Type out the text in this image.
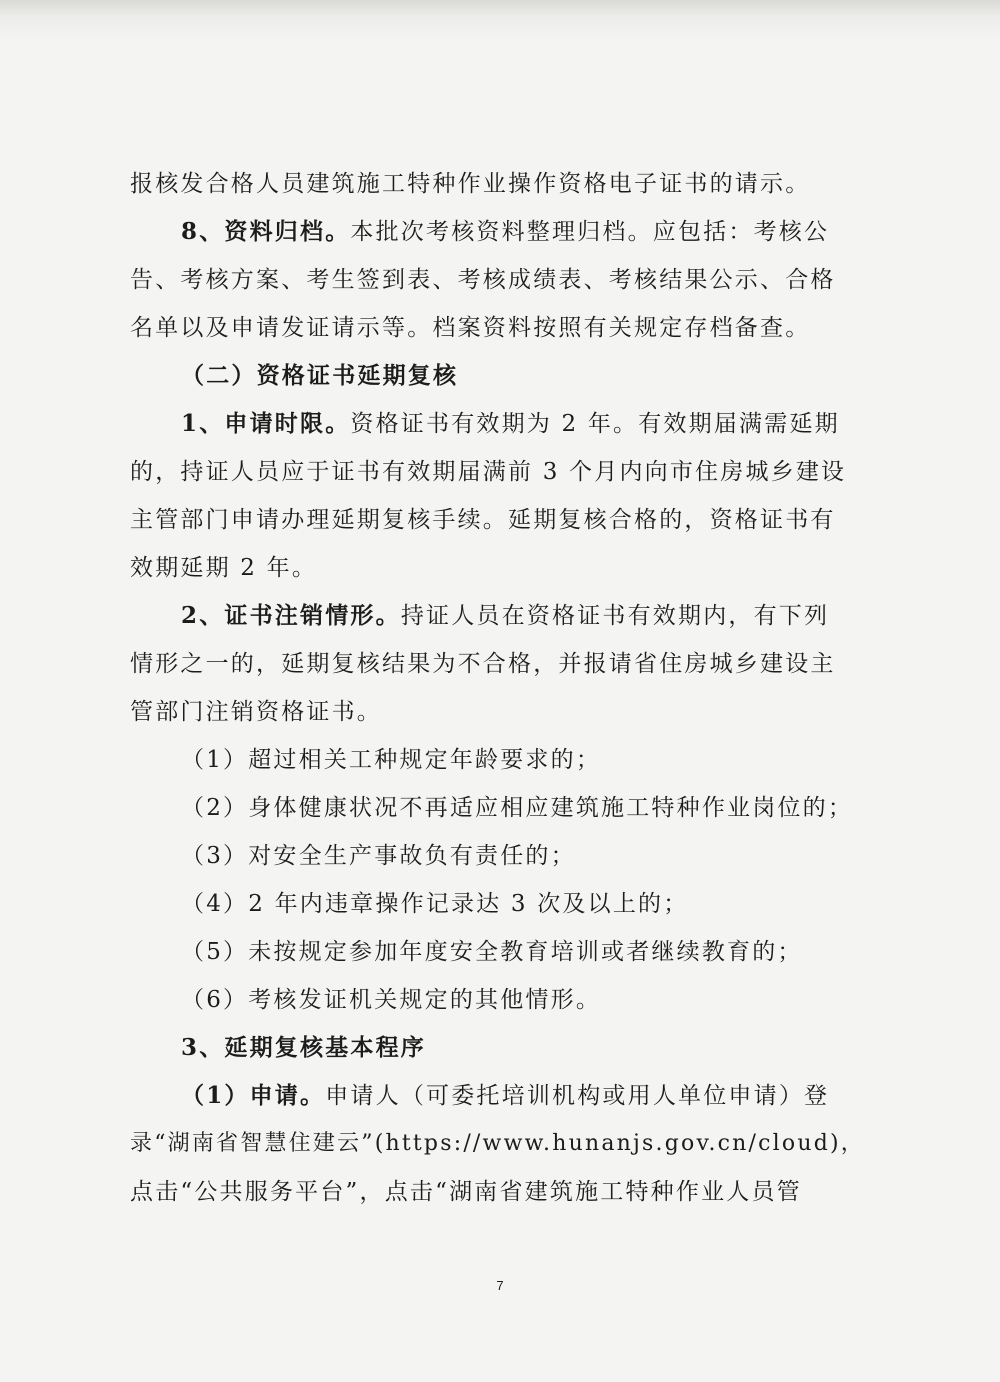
报核发合格人员建筑施工特种作业操作资格电子证书的请示。
8、资料归档。本批次考核资料整理归档。应包括：考核公
告、考核方案、考生签到表、考核成绩表、考核结果公示、合格
名单以及申请发证请示等。档案资料按照有关规定存档备查。
（二）资格证书延期复核
1、申请时限。资格证书有效期为 2 年。有效期届满需延期
的，持证人员应于证书有效期届满前 3 个月内向市住房城乡建设
主管部门申请办理延期复核手续。延期复核合格的，资格证书有
效期延期 2 年。
2、证书注销情形。持证人员在资格证书有效期内，有下列
情形之一的，延期复核结果为不合格，并报请省住房城乡建设主
管部门注销资格证书。
（1）超过相关工种规定年龄要求的；
（2）身体健康状况不再适应相应建筑施工特种作业岗位的；
（3）对安全生产事故负有责任的；
（4）2 年内违章操作记录达 3 次及以上的；
（5）未按规定参加年度安全教育培训或者继续教育的；
（6）考核发证机关规定的其他情形。
3、延期复核基本程序
（1）申请。申请人（可委托培训机构或用人单位申请）登
录“湖南省智慧住建云”(https://www.hunanjs.gov.cn/cloud)，
点击“公共服务平台”，点击“湖南省建筑施工特种作业人员管
7
